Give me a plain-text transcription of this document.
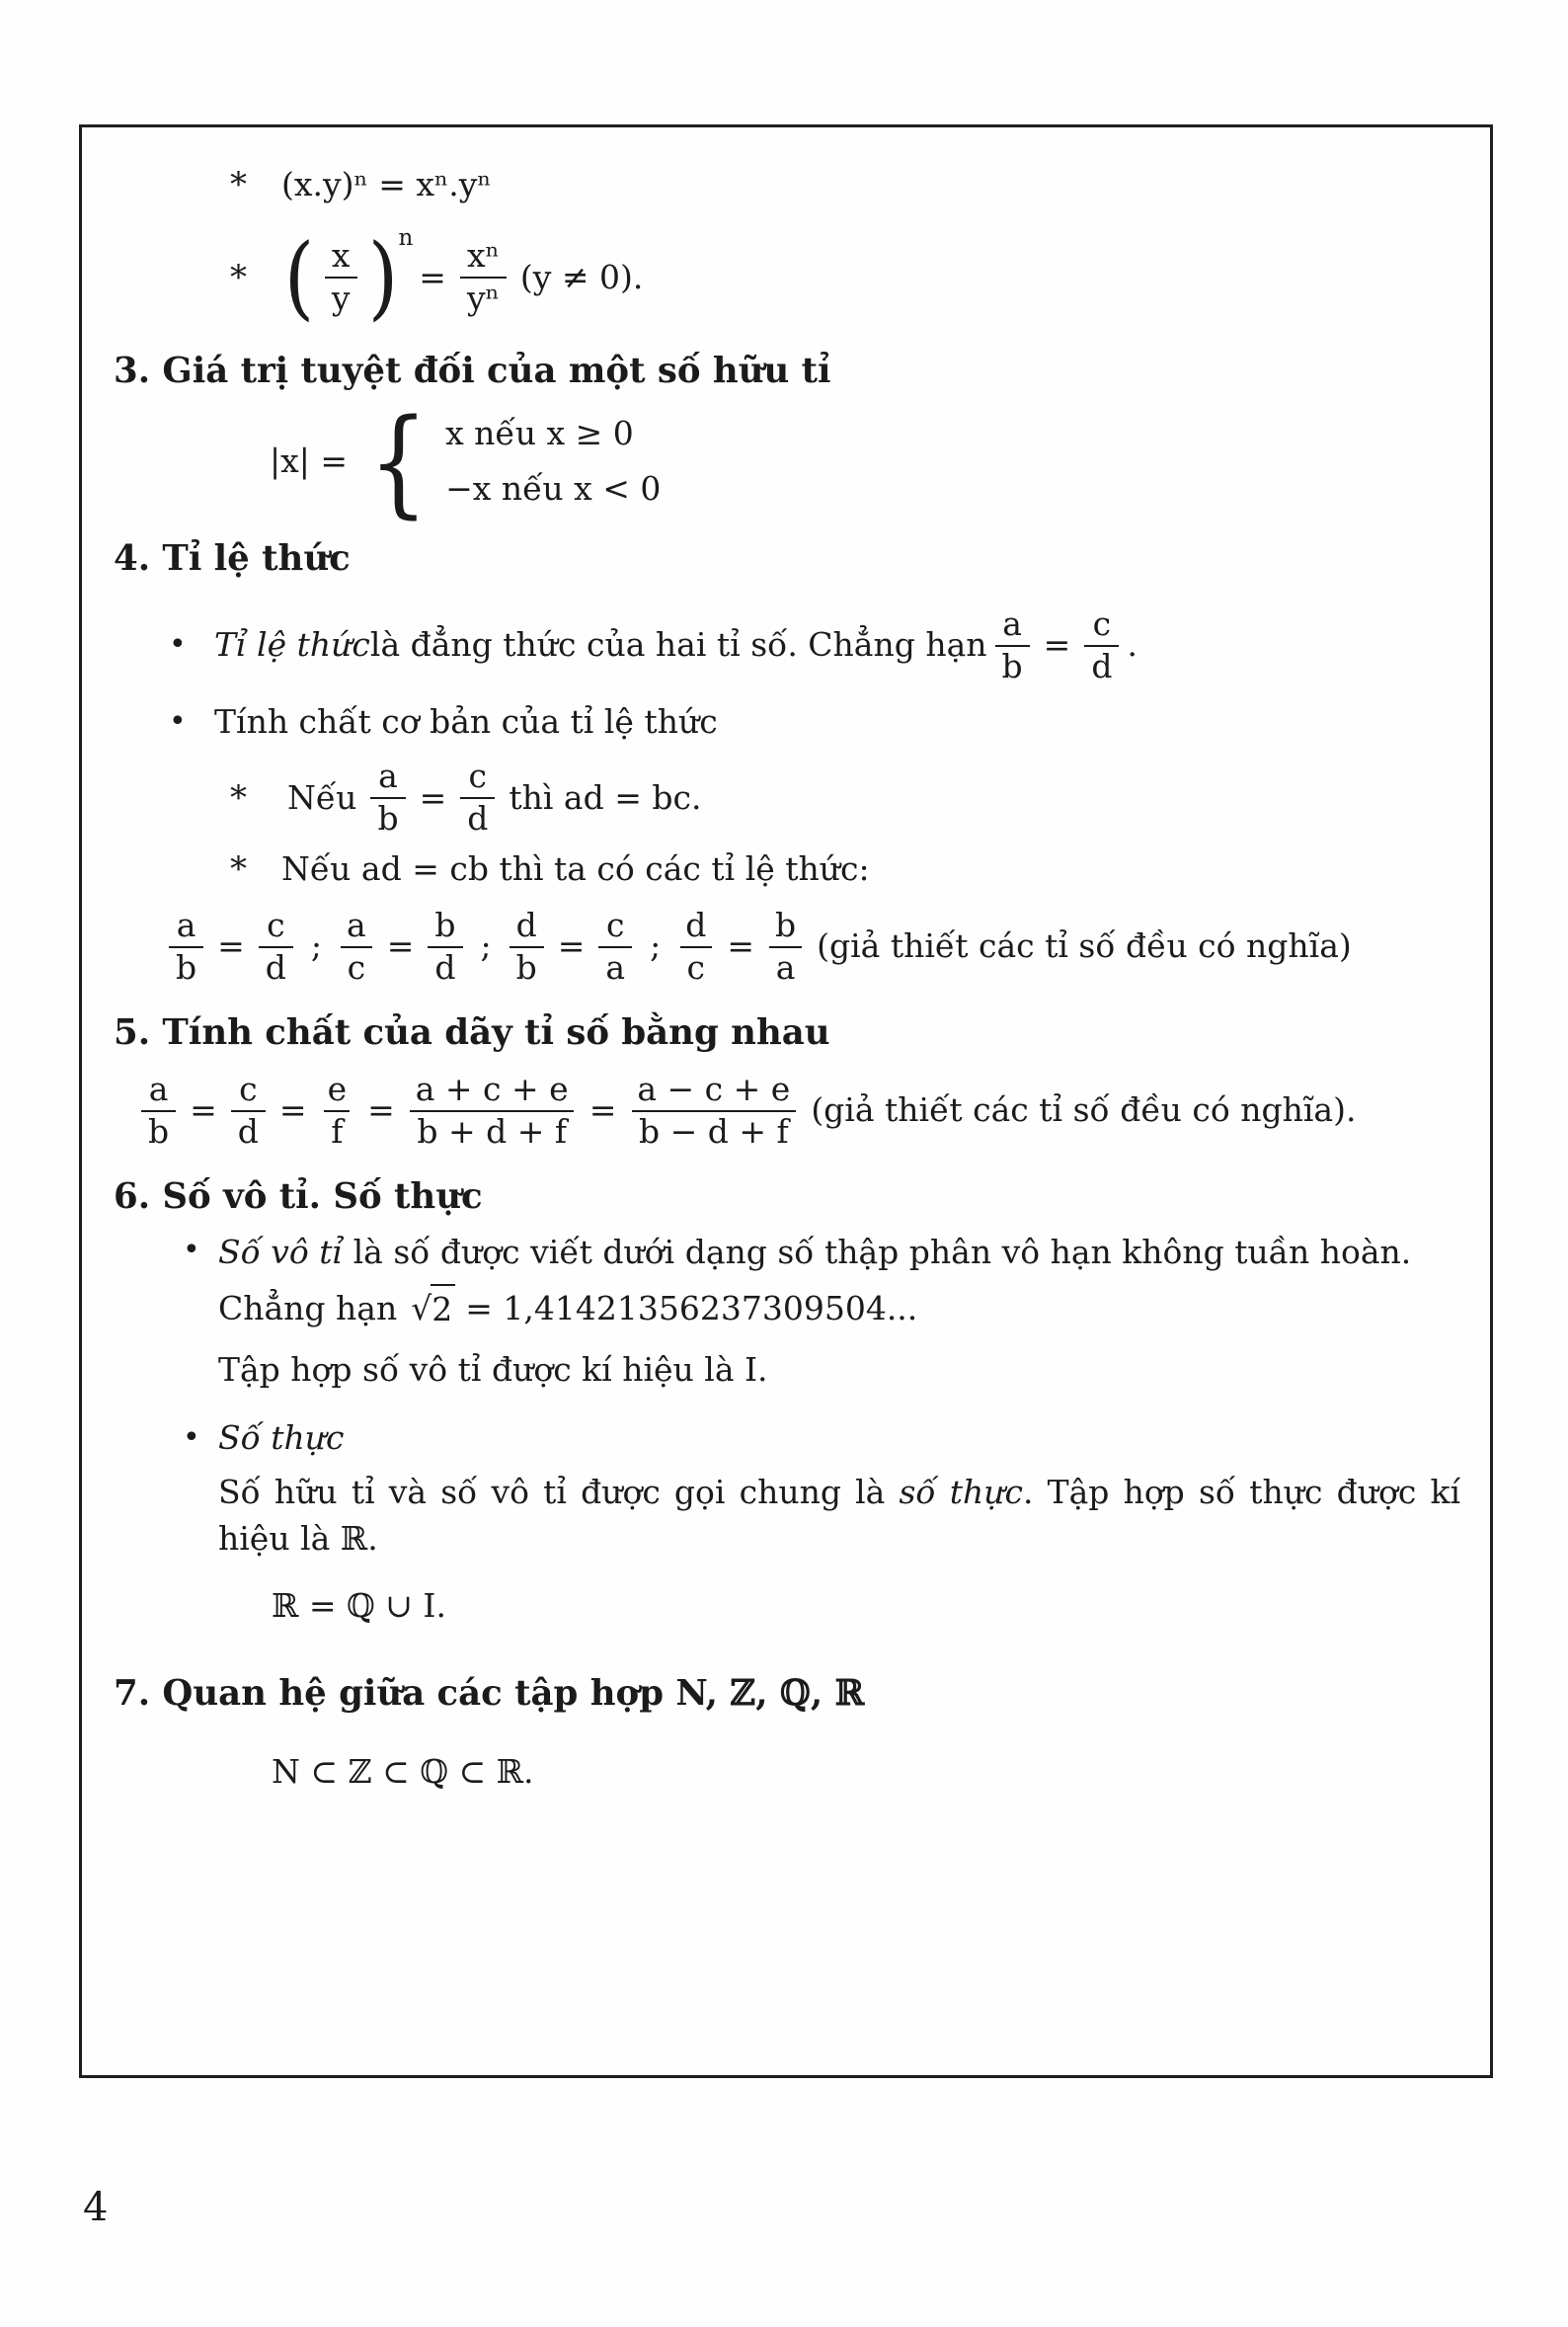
*	(x.y)ⁿ = xⁿ.yⁿ
* ( $\frac{x}{y} )^n$
= $\frac{\text{xⁿ}}{\text{yⁿ}} (y \ne 0)$.
3. Giá trị tuyệt đối của một số hữu tỉ
|x| = { x nếu x ≥ 0
−x nếu x < 0
4. Tỉ lệ thức
• Tỉ lệ thức là đẳng thức của hai tỉ số. Chẳng hạn $\frac{a}{b} = \frac{c}{d}$ .
• Tính chất cơ bản của tỉ lệ thức
*	Nếu $\frac{a}{b} = \frac{c}{d}$ thì ad = bc.
*	Nếu ad = cb thì ta có các tỉ lệ thức:
$\frac{a}{b} = \frac{c}{d}$ ; $\frac{a}{c} = \frac{b}{d}$ ; $\frac{d}{b} = \frac{c}{a}$ ; $\frac{d}{c} = \frac{b}{a}$ (giả thiết các tỉ số đều có nghĩa)
5. Tính chất của dãy tỉ số bằng nhau
$\frac{a}{b} = \frac{c}{d} = \frac{e}{f} = \frac{a + c + e}{b + d + f} = \frac{a - c + e}{b - d + f}$ (giả thiết các tỉ số đều có nghĩa).
6. Số vô tỉ. Số thực
• Số vô tỉ là số được viết dưới dạng số thập phân vô hạn không tuần hoàn.
Chẳng hạn √ 2 = 1,41421356237309504...
Tập hợp số vô tỉ được kí hiệu là I.
• Số thực
Số hữu tỉ và số vô tỉ được gọi chung là số thực. Tập hợp số thực được kí hiệu là ℝ.
ℝ = ℚ ∪ I.
7. Quan hệ giữa các tập hợp N, ℤ, ℚ, ℝ
N ⊂ ℤ ⊂ ℚ ⊂ ℝ.
4
